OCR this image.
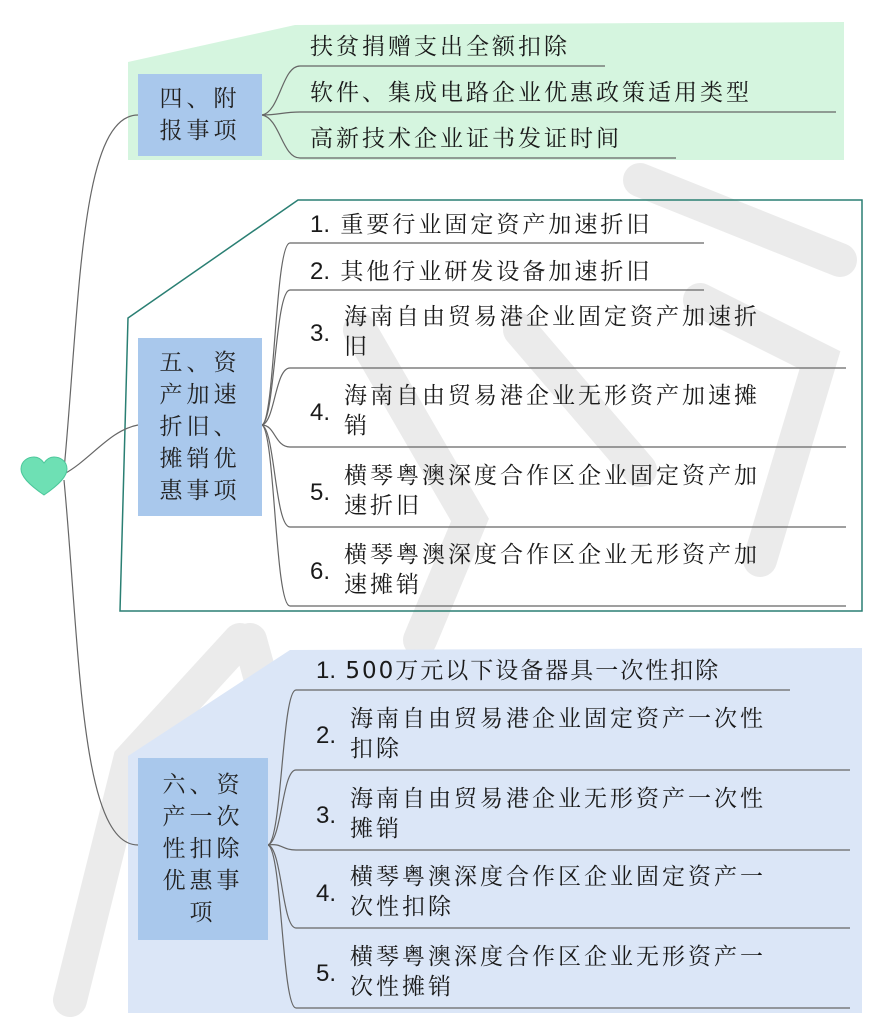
四、附
报事项
扶贫捐赠支出全额扣除
软件、集成电路企业优惠政策适用类型
高新技术企业证书发证时间
五、资
产加速
折旧、
摊销优
惠事项
1. 重要行业固定资产加速折旧
2. 其他行业研发设备加速折旧
3.
海南自由贸易港企业固定资产加速折
旧
4.
海南自由贸易港企业无形资产加速摊
销
5.
横琴粤澳深度合作区企业固定资产加
速折旧
6.
横琴粤澳深度合作区企业无形资产加
速摊销
六、资
产一次
性扣除
优惠事
项
1. 500万元以下设备器具一次性扣除
2.
海南自由贸易港企业固定资产一次性
扣除
3.
海南自由贸易港企业无形资产一次性
摊销
4.
横琴粤澳深度合作区企业固定资产一
次性扣除
5.
横琴粤澳深度合作区企业无形资产一
次性摊销
